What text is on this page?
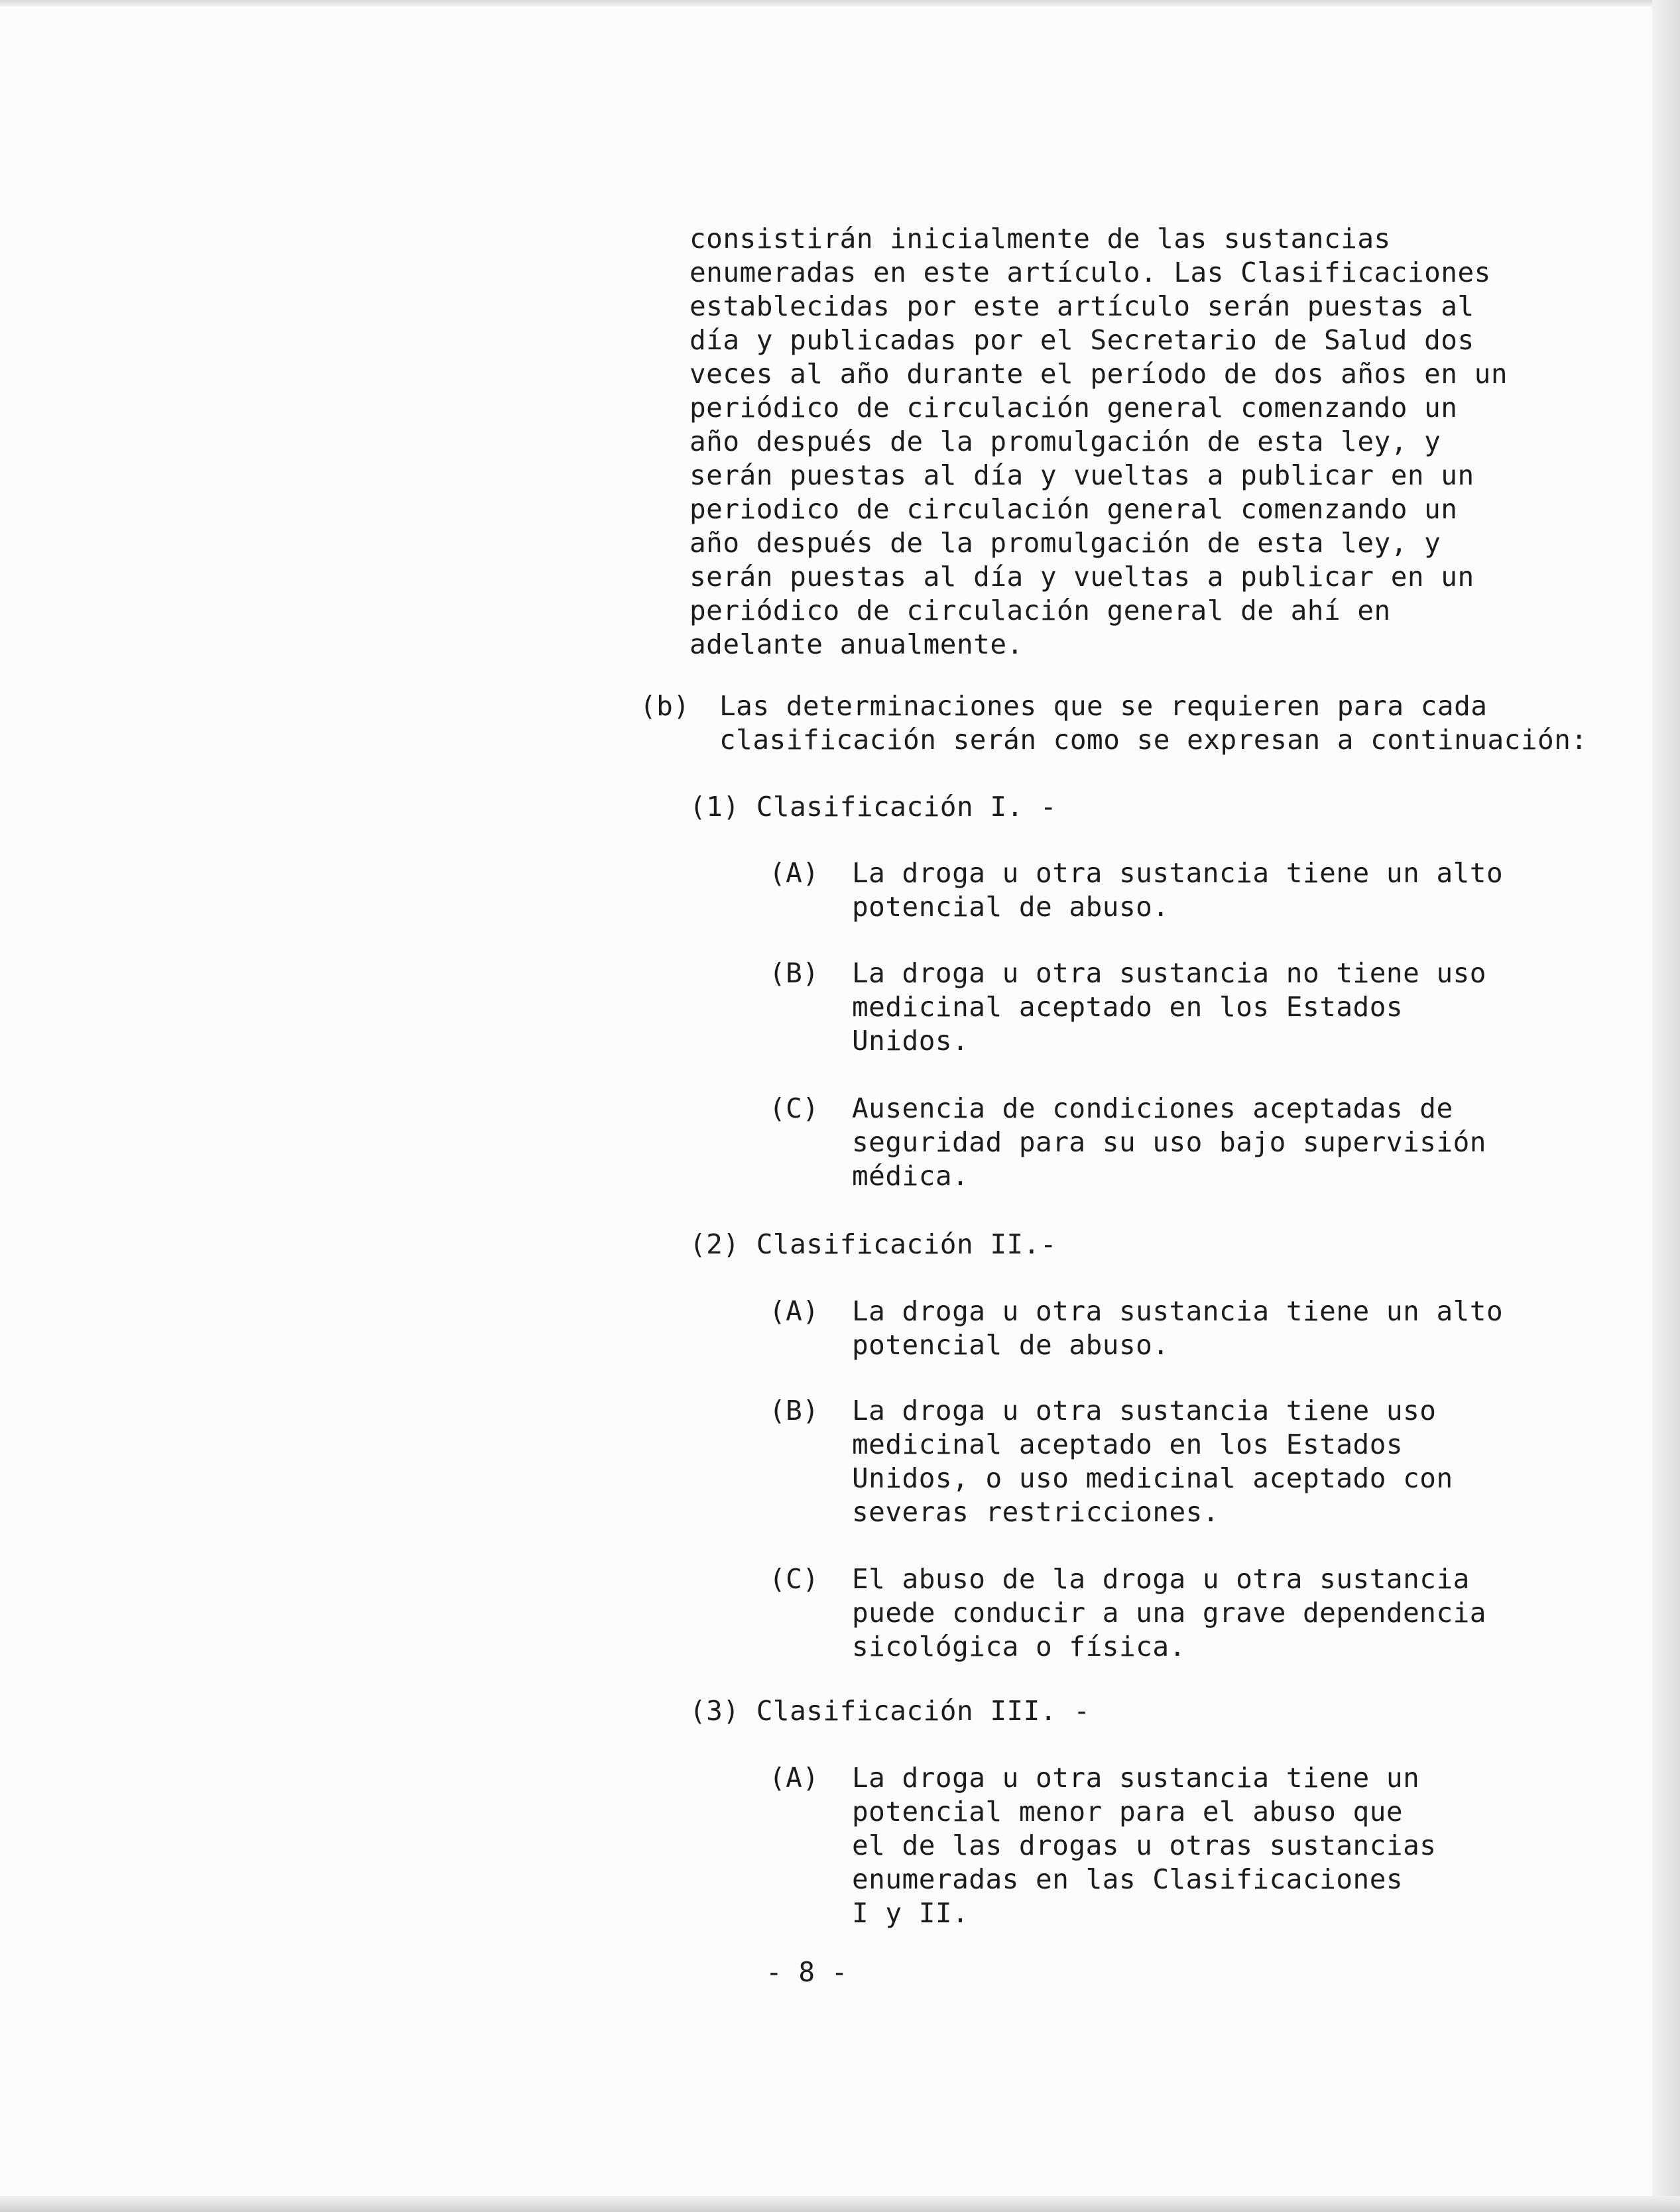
consistirán inicialmente de las sustancias
enumeradas en este artículo. Las Clasificaciones
establecidas por este artículo serán puestas al
día y publicadas por el Secretario de Salud dos
veces al año durante el período de dos años en un
periódico de circulación general comenzando un
año después de la promulgación de esta ley, y
serán puestas al día y vueltas a publicar en un
periodico de circulación general comenzando un
año después de la promulgación de esta ley, y
serán puestas al día y vueltas a publicar en un
periódico de circulación general de ahí en
adelante anualmente.
(b) Las determinaciones que se requieren para cada
clasificación serán como se expresan a continuación:
(1) Clasificación I. -
(A) La droga u otra sustancia tiene un alto
potencial de abuso.
(B) La droga u otra sustancia no tiene uso
medicinal aceptado en los Estados
Unidos.
(C) Ausencia de condiciones aceptadas de
seguridad para su uso bajo supervisión
médica.
(2) Clasificación II.-
(A) La droga u otra sustancia tiene un alto
potencial de abuso.
(B) La droga u otra sustancia tiene uso
medicinal aceptado en los Estados
Unidos, o uso medicinal aceptado con
severas restricciones.
(C) El abuso de la droga u otra sustancia
puede conducir a una grave dependencia
sicológica o física.
(3) Clasificación III. -
(A) La droga u otra sustancia tiene un
potencial menor para el abuso que
el de las drogas u otras sustancias
enumeradas en las Clasificaciones
I y II.
- 8 -
